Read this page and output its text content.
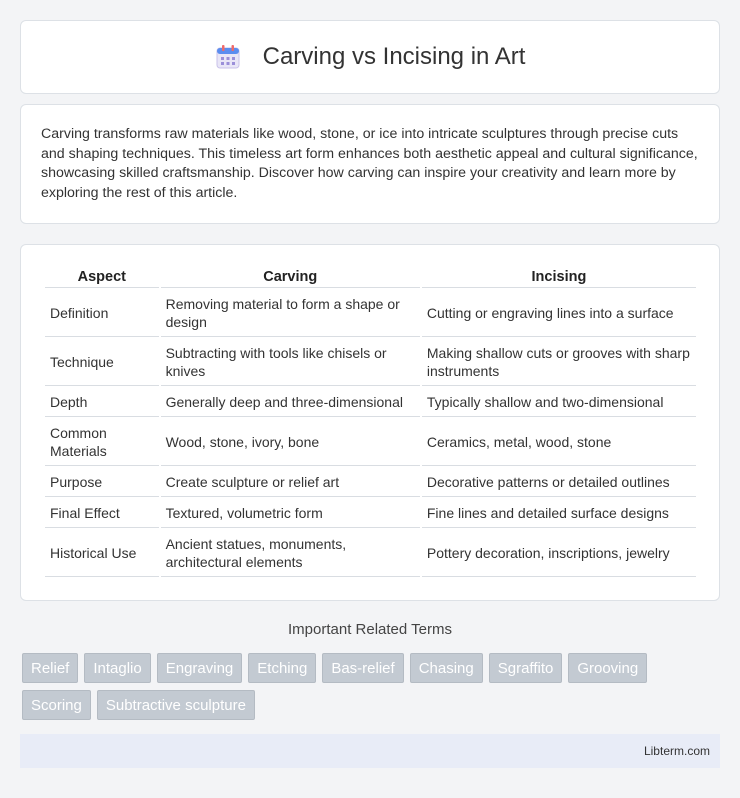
Carving vs Incising in Art

Carving transforms raw materials like wood, stone, or ice into intricate sculptures through precise cuts and shaping techniques. This timeless art form enhances both aesthetic appeal and cultural significance, showcasing skilled craftsmanship. Discover how carving can inspire your creativity and learn more by exploring the rest of this article.

Aspect	Carving	Incising
Definition	Removing material to form a shape or design	Cutting or engraving lines into a surface
Technique	Subtracting with tools like chisels or knives	Making shallow cuts or grooves with sharp instruments
Depth	Generally deep and three-dimensional	Typically shallow and two-dimensional
Common Materials	Wood, stone, ivory, bone	Ceramics, metal, wood, stone
Purpose	Create sculpture or relief art	Decorative patterns or detailed outlines
Final Effect	Textured, volumetric form	Fine lines and detailed surface designs
Historical Use	Ancient statues, monuments, architectural elements	Pottery decoration, inscriptions, jewelry
Important Related Terms
Relief	Intaglio	Engraving	Etching	Bas-relief	Chasing	Sgraffito	Grooving
Scoring	Subtractive sculpture
Libterm.com
